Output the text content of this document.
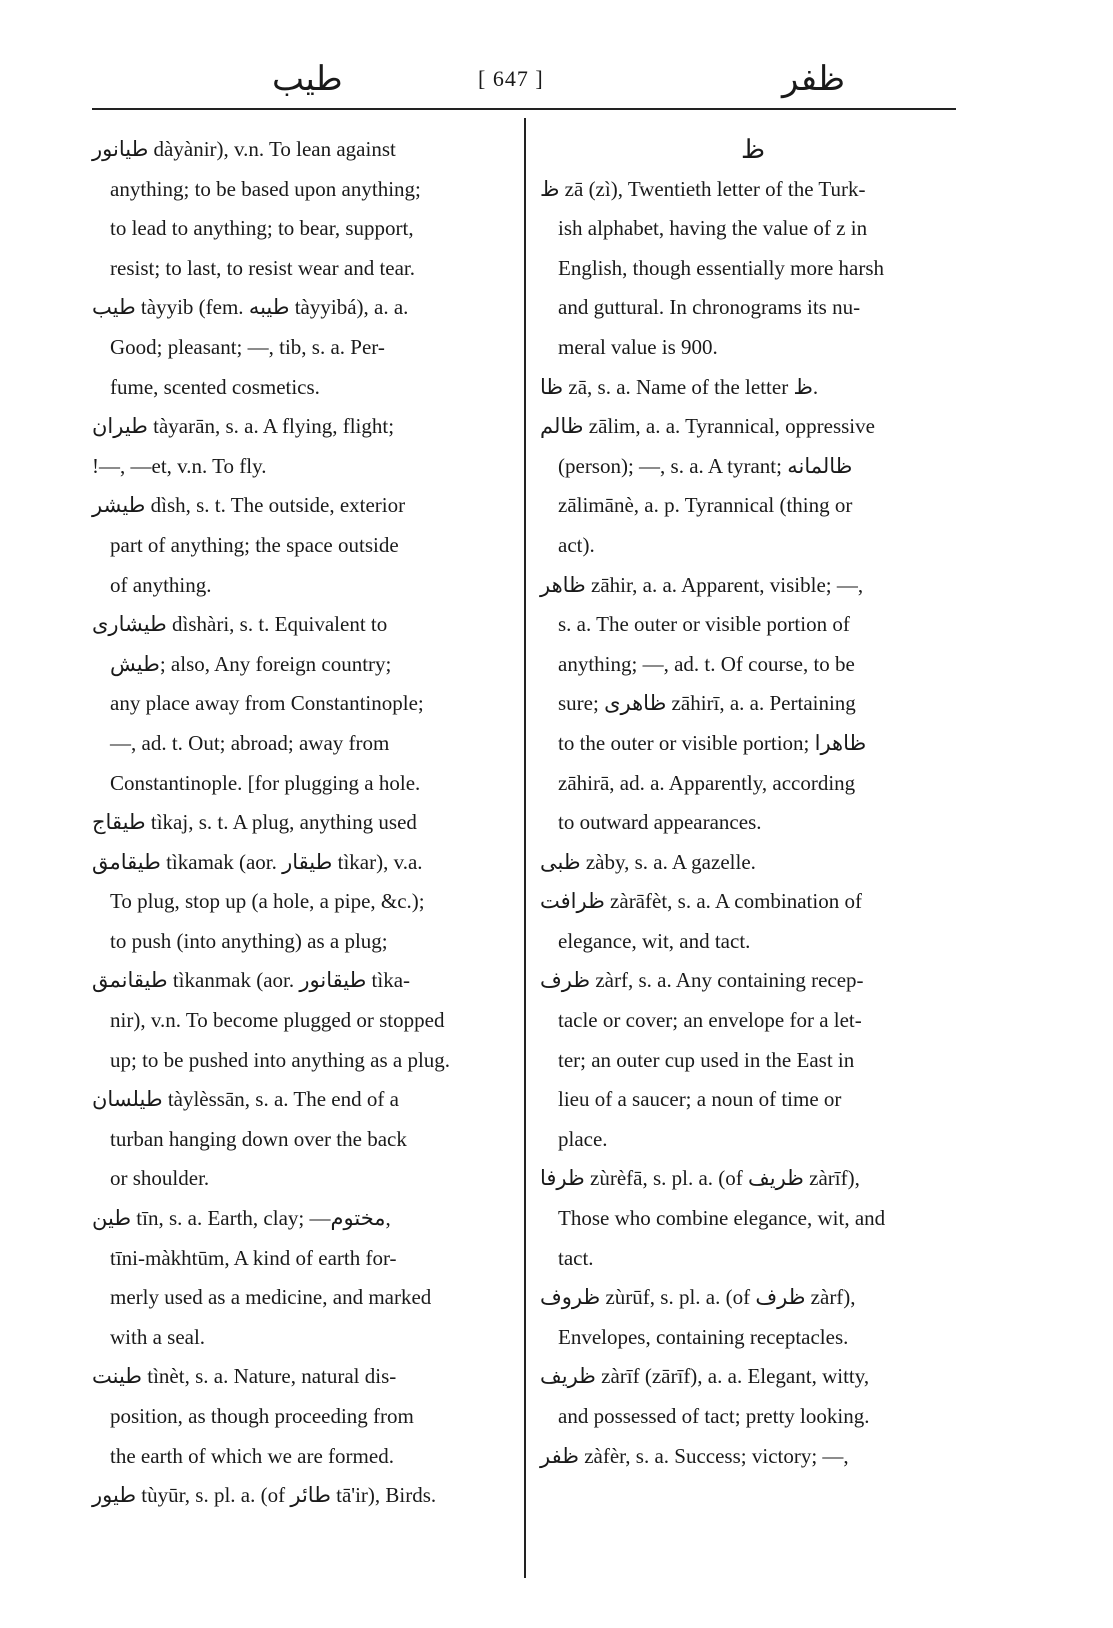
طيب	[ 647 ]	ظفر
طيانور dàyànir), v.n. To lean against
anything; to be based upon anything;
to lead to anything; to bear, support,
resist; to last, to resist wear and tear.
طيب tàyyib (fem. طيبه tàyyibá), a. a.
Good; pleasant; —, tib, s. a. Per-
fume, scented cosmetics.
طيران tàyarān, s. a. A flying, flight;
!—, —et, v.n. To fly.
طيشر dìsh, s. t. The outside, exterior
part of anything; the space outside
of anything.
طيشارى dìshàri, s. t. Equivalent to
طيش; also, Any foreign country;
any place away from Constantinople;
—, ad. t. Out; abroad; away from
Constantinople. [for plugging a hole.
طيقاج tìkaj, s. t. A plug, anything used
طيقامق tìkamak (aor. طيقار tìkar), v.a.
To plug, stop up (a hole, a pipe, &c.);
to push (into anything) as a plug;
طيقانمق tìkanmak (aor. طيقانور tìka-
nir), v.n. To become plugged or stopped
up; to be pushed into anything as a plug.
طيلسان tàylèssān, s. a. The end of a
turban hanging down over the back
or shoulder.
طين tīn, s. a. Earth, clay; —مختوم,
tīni-màkhtūm, A kind of earth for-
merly used as a medicine, and marked
with a seal.
طينت tìnèt, s. a. Nature, natural dis-
position, as though proceeding from
the earth of which we are formed.
طيور tùyūr, s. pl. a. (of طائر tā'ir), Birds.
ظ
ظ zā (zì), Twentieth letter of the Turk-
ish alphabet, having the value of z in
English, though essentially more harsh
and guttural. In chronograms its nu-
meral value is 900.
ظا zā, s. a. Name of the letter ظ.
ظالم zālim, a. a. Tyrannical, oppressive
(person); —, s. a. A tyrant; ظالمانه
zālimānè, a. p. Tyrannical (thing or
act).
ظاهر zāhir, a. a. Apparent, visible; —,
s. a. The outer or visible portion of
anything; —, ad. t. Of course, to be
sure; ظاهرى zāhirī, a. a. Pertaining
to the outer or visible portion; ظاهرا
zāhirā, ad. a. Apparently, according
to outward appearances.
ظبى zàby, s. a. A gazelle.
ظرافت zàrāfèt, s. a. A combination of
elegance, wit, and tact.
ظرف zàrf, s. a. Any containing recep-
tacle or cover; an envelope for a let-
ter; an outer cup used in the East in
lieu of a saucer; a noun of time or
place.
ظرفا zùrèfā, s. pl. a. (of ظريف zàrīf),
Those who combine elegance, wit, and
tact.
ظروف zùrūf, s. pl. a. (of ظرف zàrf),
Envelopes, containing receptacles.
ظريف zàrīf (zārīf), a. a. Elegant, witty,
and possessed of tact; pretty looking.
ظفر zàfèr, s. a. Success; victory; —,
